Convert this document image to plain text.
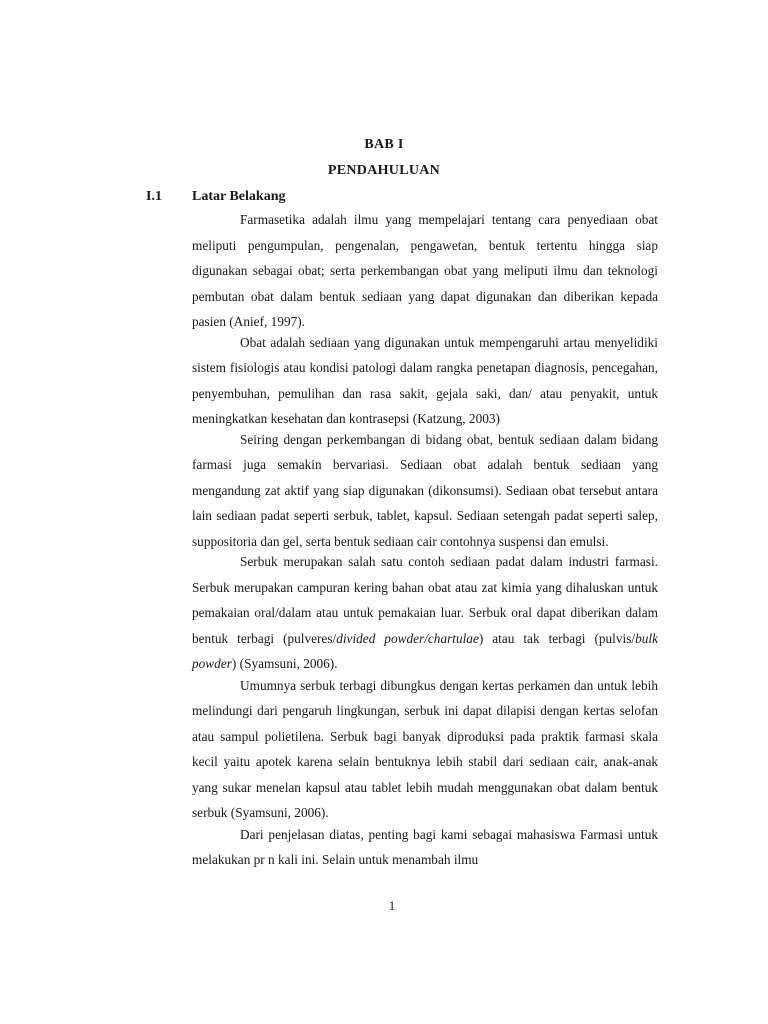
BAB I
PENDAHULUAN
I.1 Latar Belakang

Farmasetika adalah ilmu yang mempelajari tentang cara penyediaan obat meliputi pengumpulan, pengenalan, pengawetan, bentuk tertentu hingga siap digunakan sebagai obat; serta perkembangan obat yang meliputi ilmu dan teknologi pembutan obat dalam bentuk sediaan yang dapat digunakan dan diberikan kepada pasien (Anief, 1997).

Obat adalah sediaan yang digunakan untuk mempengaruhi artau menyelidiki sistem fisiologis atau kondisi patologi dalam rangka penetapan diagnosis, pencegahan, penyembuhan, pemulihan dan rasa sakit, gejala saki, dan/ atau penyakit, untuk meningkatkan kesehatan dan kontrasepsi (Katzung, 2003)

Seiring dengan perkembangan di bidang obat, bentuk sediaan dalam bidang farmasi juga semakin bervariasi. Sediaan obat adalah bentuk sediaan yang mengandung zat aktif yang siap digunakan (dikonsumsi). Sediaan obat tersebut antara lain sediaan padat seperti serbuk, tablet, kapsul. Sediaan setengah padat seperti salep, suppositoria dan gel, serta bentuk sediaan cair contohnya suspensi dan emulsi.

Serbuk merupakan salah satu contoh sediaan padat dalam industri farmasi. Serbuk merupakan campuran kering bahan obat atau zat kimia yang dihaluskan untuk pemakaian oral/dalam atau untuk pemakaian luar. Serbuk oral dapat diberikan dalam bentuk terbagi (pulveres/divided powder/chartulae) atau tak terbagi (pulvis/bulk powder) (Syamsuni, 2006).

Umumnya serbuk terbagi dibungkus dengan kertas perkamen dan untuk lebih melindungi dari pengaruh lingkungan, serbuk ini dapat dilapisi dengan kertas selofan atau sampul polietilena. Serbuk bagi banyak diproduksi pada praktik farmasi skala kecil yaitu apotek karena selain bentuknya lebih stabil dari sediaan cair, anak-anak yang sukar menelan kapsul atau tablet lebih mudah menggunakan obat dalam bentuk serbuk (Syamsuni, 2006).

Dari penjelasan diatas, penting bagi kami sebagai mahasiswa Farmasi untuk melakukan pr n kali ini. Selain untuk menambah ilmu

1
